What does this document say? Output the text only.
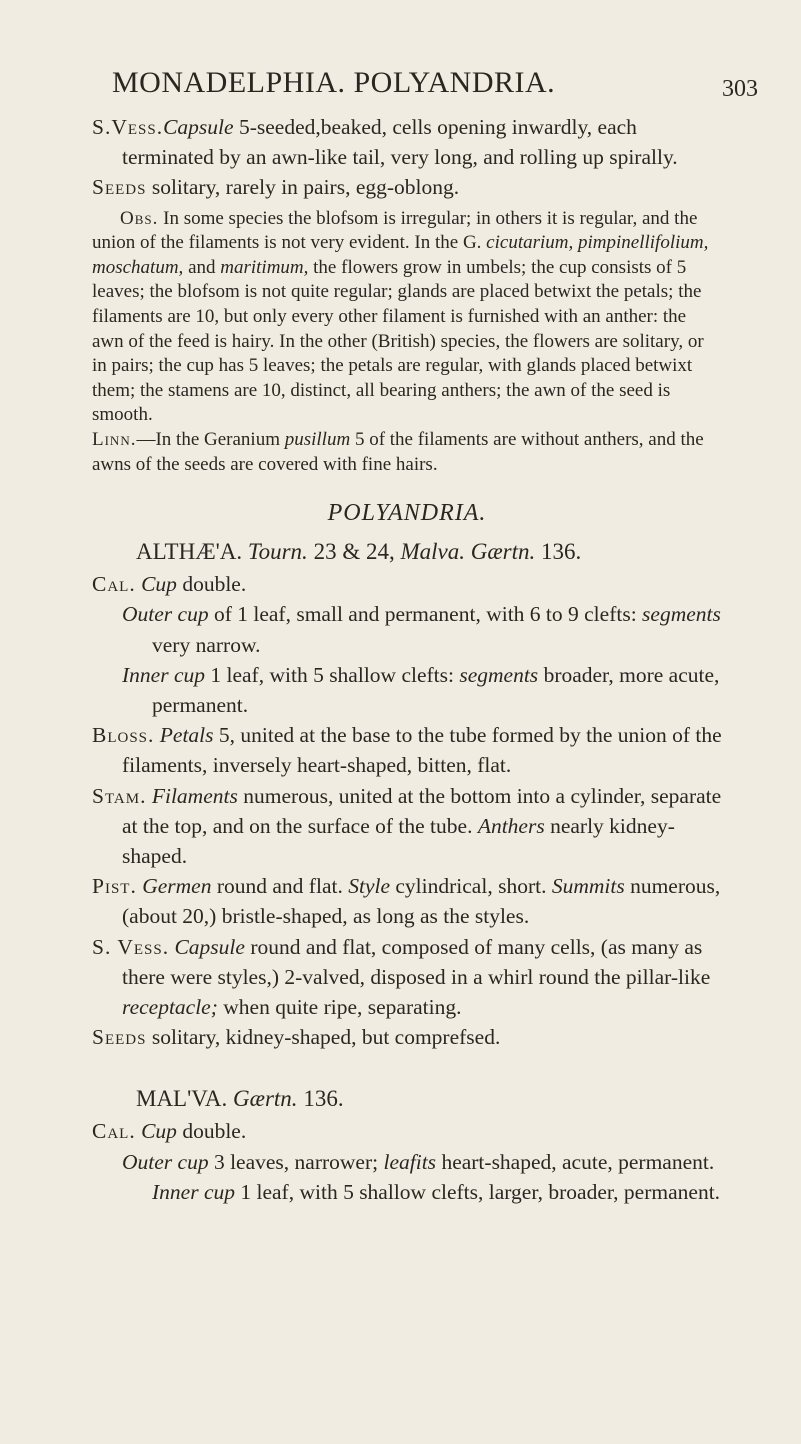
MONADELPHIA. POLYANDRIA.	303

S.Vess.Capsule 5-seeded,beaked, cells opening inwardly, each terminated by an awn-like tail, very long, and rolling up spirally.

Seeds solitary, rarely in pairs, egg-oblong.

Obs. In some species the blofsom is irregular; in others it is regular, and the union of the filaments is not very evident. In the G. cicutarium, pimpinellifolium, moschatum, and maritimum, the flowers grow in umbels; the cup consists of 5 leaves; the blofsom is not quite regular; glands are placed betwixt the petals; the filaments are 10, but only every other filament is furnished with an anther: the awn of the feed is hairy. In the other (British) species, the flowers are solitary, or in pairs; the cup has 5 leaves; the petals are regular, with glands placed betwixt them; the stamens are 10, distinct, all bearing anthers; the awn of the seed is smooth.

Linn.—In the Geranium pusillum 5 of the filaments are without anthers, and the awns of the seeds are covered with fine hairs.

POLYANDRIA.

ALTHÆ'A. Tourn. 23 & 24, Malva. Gærtn. 136.

Cal. Cup double.

Outer cup of 1 leaf, small and permanent, with 6 to 9 clefts: segments very narrow.

Inner cup 1 leaf, with 5 shallow clefts: segments broader, more acute, permanent.

Bloss. Petals 5, united at the base to the tube formed by the union of the filaments, inversely heart-shaped, bitten, flat.

Stam. Filaments numerous, united at the bottom into a cylinder, separate at the top, and on the surface of the tube. Anthers nearly kidney-shaped.

Pist. Germen round and flat. Style cylindrical, short. Summits numerous, (about 20,) bristle-shaped, as long as the styles.

S. Vess. Capsule round and flat, composed of many cells, (as many as there were styles,) 2-valved, disposed in a whirl round the pillar-like receptacle; when quite ripe, separating.

Seeds solitary, kidney-shaped, but comprefsed.

MAL'VA. Gærtn. 136.

Cal. Cup double.

Outer cup 3 leaves, narrower; leafits heart-shaped, acute, permanent. Inner cup 1 leaf, with 5 shallow clefts, larger, broader, permanent.
